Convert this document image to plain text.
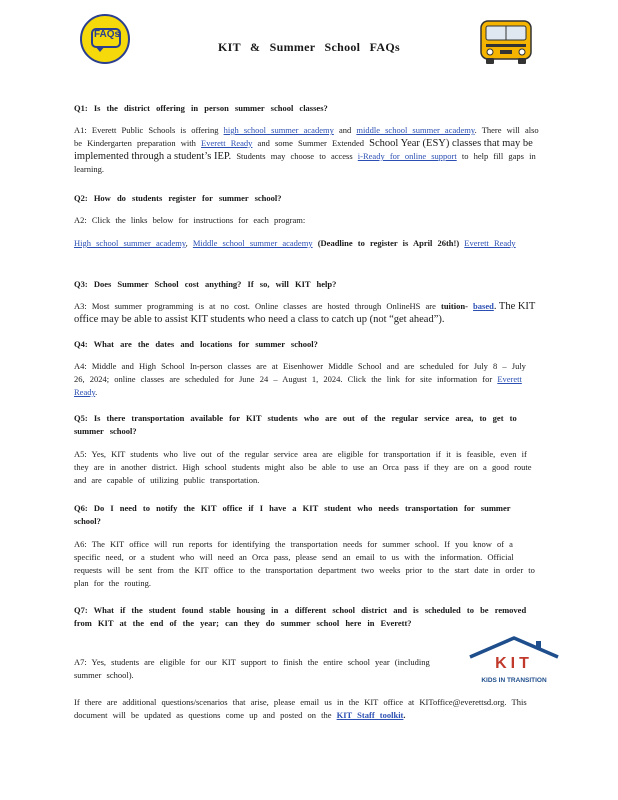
FAQs
KIT & Summer School FAQs
Q1: Is the district offering in person summer school classes?
A1: Everett Public Schools is offering high school summer academy and middle school summer academy. There will also be Kindergarten preparation with Everett Ready and some Summer Extended School Year (ESY) classes that may be implemented through a student’s IEP. Students may choose to access i-Ready for online support to help fill gaps in learning.
Q2: How do students register for summer school?
A2: Click the links below for instructions for each program:
High school summer academy, Middle school summer academy (Deadline to register is April 26th!) Everett Ready
Q3: Does Summer School cost anything? If so, will KIT help?
A3: Most summer programming is at no cost. Online classes are hosted through OnlineHS are tuition- based. The KIT office may be able to assist KIT students who need a class to catch up (not “get ahead”).
Q4: What are the dates and locations for summer school?
A4: Middle and High School In-person classes are at Eisenhower Middle School and are scheduled for July 8 – July 26, 2024; online classes are scheduled for June 24 – August 1, 2024. Click the link for site information for Everett Ready.
Q5: Is there transportation available for KIT students who are out of the regular service area, to get to summer school?
A5: Yes, KIT students who live out of the regular service area are eligible for transportation if it is feasible, even if they are in another district. High school students might also be able to use an Orca pass if they are on a good route and are capable of utilizing public transportation.
Q6: Do I need to notify the KIT office if I have a KIT student who needs transportation for summer school?
A6: The KIT office will run reports for identifying the transportation needs for summer school. If you know of a specific need, or a student who will need an Orca pass, please send an email to us with the information. Official requests will be sent from the KIT office to the transportation department two weeks prior to the start date in order to plan for the routing.
Q7: What if the student found stable housing in a different school district and is scheduled to be removed from KIT at the end of the year; can they do summer school here in Everett?
A7: Yes, students are eligible for our KIT support to finish the entire school year (including summer school).
If there are additional questions/scenarios that arise, please email us in the KIT office at KIToffice@everettsd.org. This document will be updated as questions come up and posted on the KIT Staff toolkit.
KIT
KIDS IN TRANSITION
